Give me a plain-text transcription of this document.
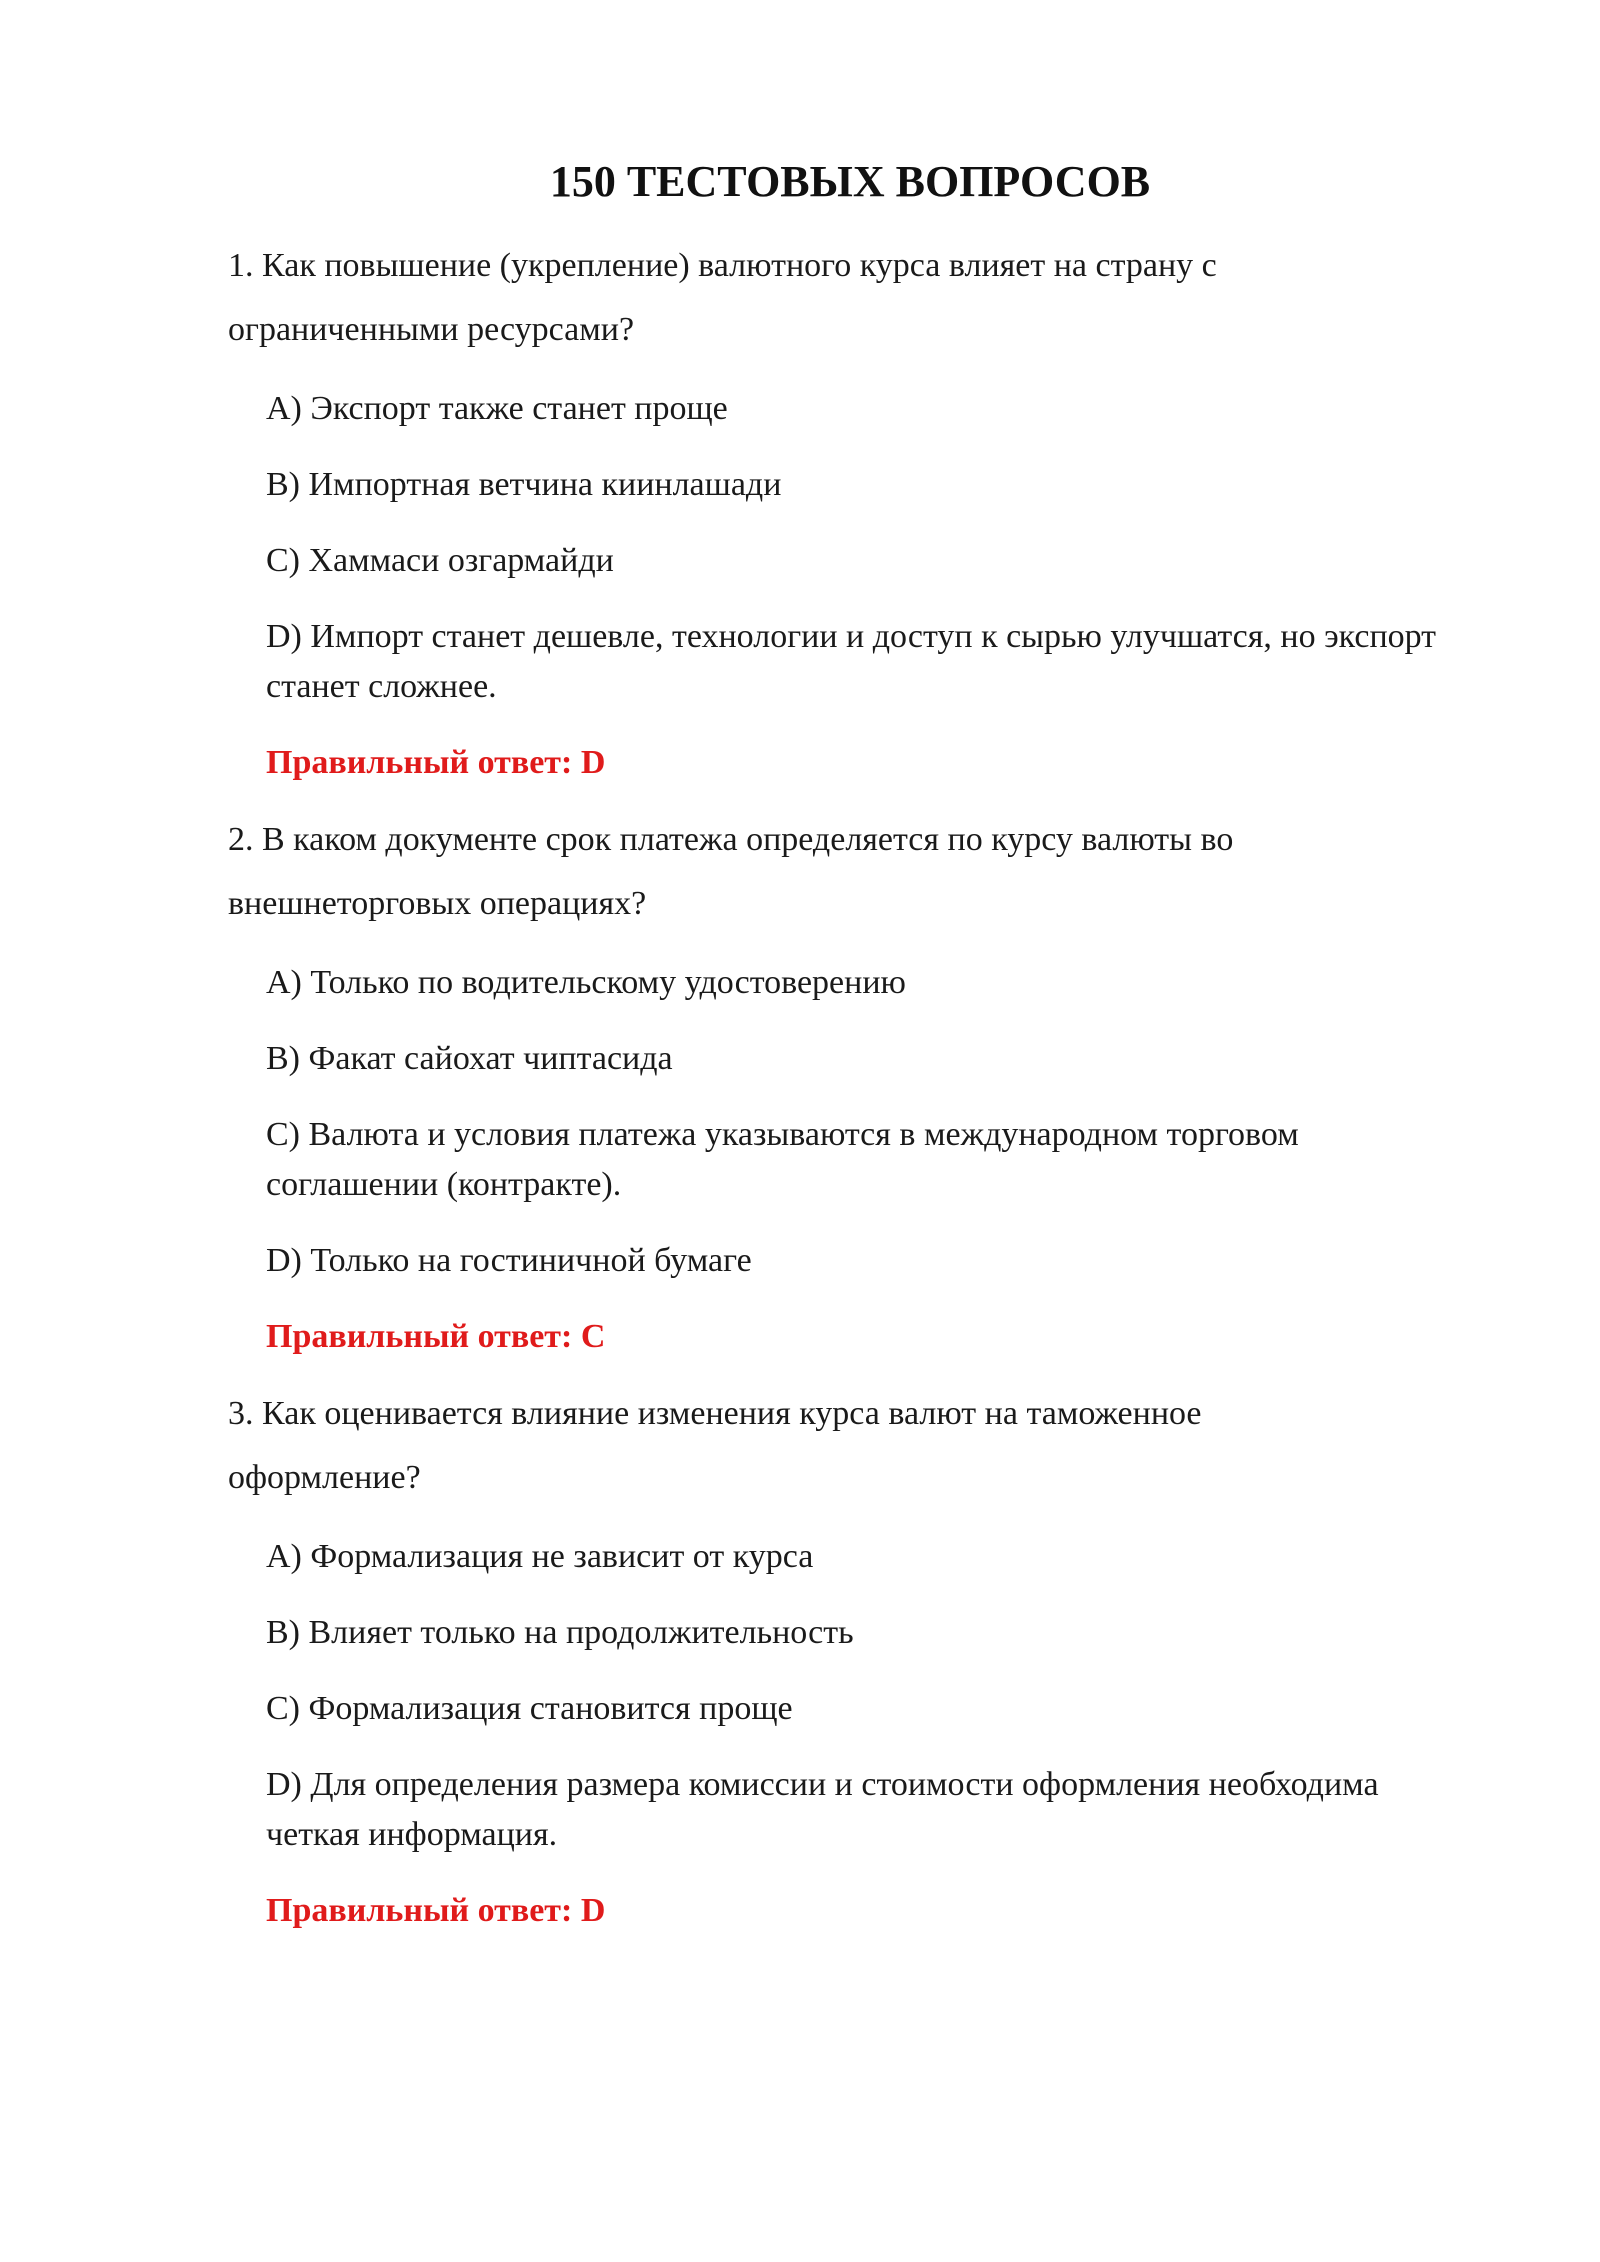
150 ТЕСТОВЫХ ВОПРОСОВ

1. Как повышение (укрепление) валютного курса влияет на страну с ограниченными ресурсами?

A) Экспорт также станет проще
B) Импортная ветчина киинлашади
C) Хаммаси озгармайди
D) Импорт станет дешевле, технологии и доступ к сырью улучшатся, но экспорт станет сложнее.

Правильный ответ: D

2. В каком документе срок платежа определяется по курсу валюты во внешнеторговых операциях?

A) Только по водительскому удостоверению
B) Факат сайохат чиптасида
C) Валюта и условия платежа указываются в международном торговом соглашении (контракте).
D) Только на гостиничной бумаге

Правильный ответ: C

3. Как оценивается влияние изменения курса валют на таможенное оформление?

A) Формализация не зависит от курса
B) Влияет только на продолжительность
C) Формализация становится проще
D) Для определения размера комиссии и стоимости оформления необходима четкая информация.

Правильный ответ: D
